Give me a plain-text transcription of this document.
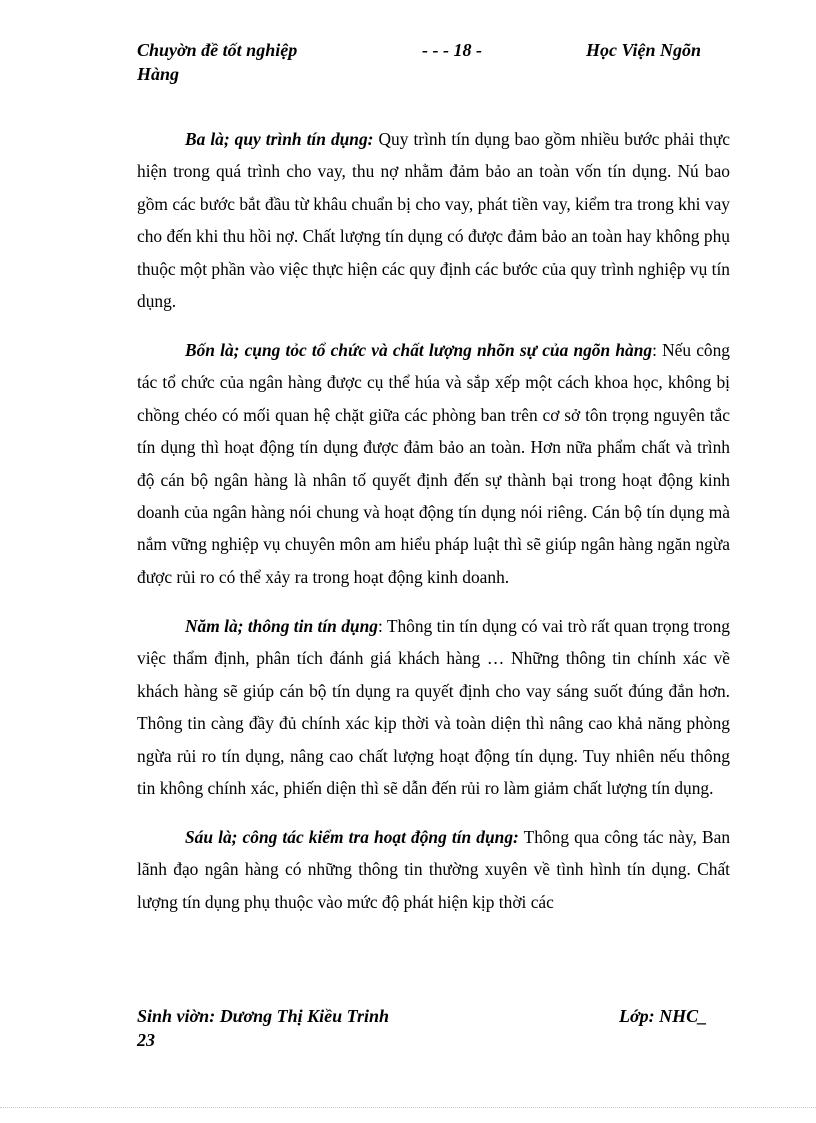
Chuyờn đề tốt nghiệp	- - - 18 -	Học Viện Ngõn
Hàng

Ba là; quy trình tín dụng: Quy trình tín dụng bao gồm nhiều bước phải thực hiện trong quá trình cho vay, thu nợ nhằm đảm bảo an toàn vốn tín dụng. Nú bao gồm các bước bắt đầu từ khâu chuẩn bị cho vay, phát tiền vay, kiểm tra trong khi vay cho đến khi thu hồi nợ. Chất lượng tín dụng có được đảm bảo an toàn hay không phụ thuộc một phần vào việc thực hiện các quy định các bước của quy trình nghiệp vụ tín dụng.

Bốn là; cụng tỏc tổ chức và chất lượng nhõn sự của ngõn hàng: Nếu công tác tổ chức của ngân hàng được cụ thể húa và sắp xếp một cách khoa học, không bị chồng chéo có mối quan hệ chặt giữa các phòng ban trên cơ sở tôn trọng nguyên tắc tín dụng thì hoạt động tín dụng được đảm bảo an toàn. Hơn nữa phẩm chất và trình độ cán bộ ngân hàng là nhân tố quyết định đến sự thành bại trong hoạt động kinh doanh của ngân hàng nói chung và hoạt động tín dụng nói riêng. Cán bộ tín dụng mà nắm vững nghiệp vụ chuyên môn am hiểu pháp luật thì sẽ giúp ngân hàng ngăn ngừa được rủi ro có thể xảy ra trong hoạt động kinh doanh.

Năm là; thông tin tín dụng: Thông tin tín dụng có vai trò rất quan trọng trong việc thẩm định, phân tích đánh giá khách hàng … Những thông tin chính xác về khách hàng sẽ giúp cán bộ tín dụng ra quyết định cho vay sáng suốt đúng đắn hơn. Thông tin càng đầy đủ chính xác kịp thời và toàn diện thì nâng cao khả năng phòng ngừa rủi ro tín dụng, nâng cao chất lượng hoạt động tín dụng. Tuy nhiên nếu thông tin không chính xác, phiến diện thì sẽ dẫn đến rủi ro làm giảm chất lượng tín dụng.

Sáu là; công tác kiểm tra hoạt động tín dụng: Thông qua công tác này, Ban lãnh đạo ngân hàng có những thông tin thường xuyên về tình hình tín dụng. Chất lượng tín dụng phụ thuộc vào mức độ phát hiện kịp thời các

Sinh viờn: Dương Thị Kiều Trinh	Lớp: NHC_
23
